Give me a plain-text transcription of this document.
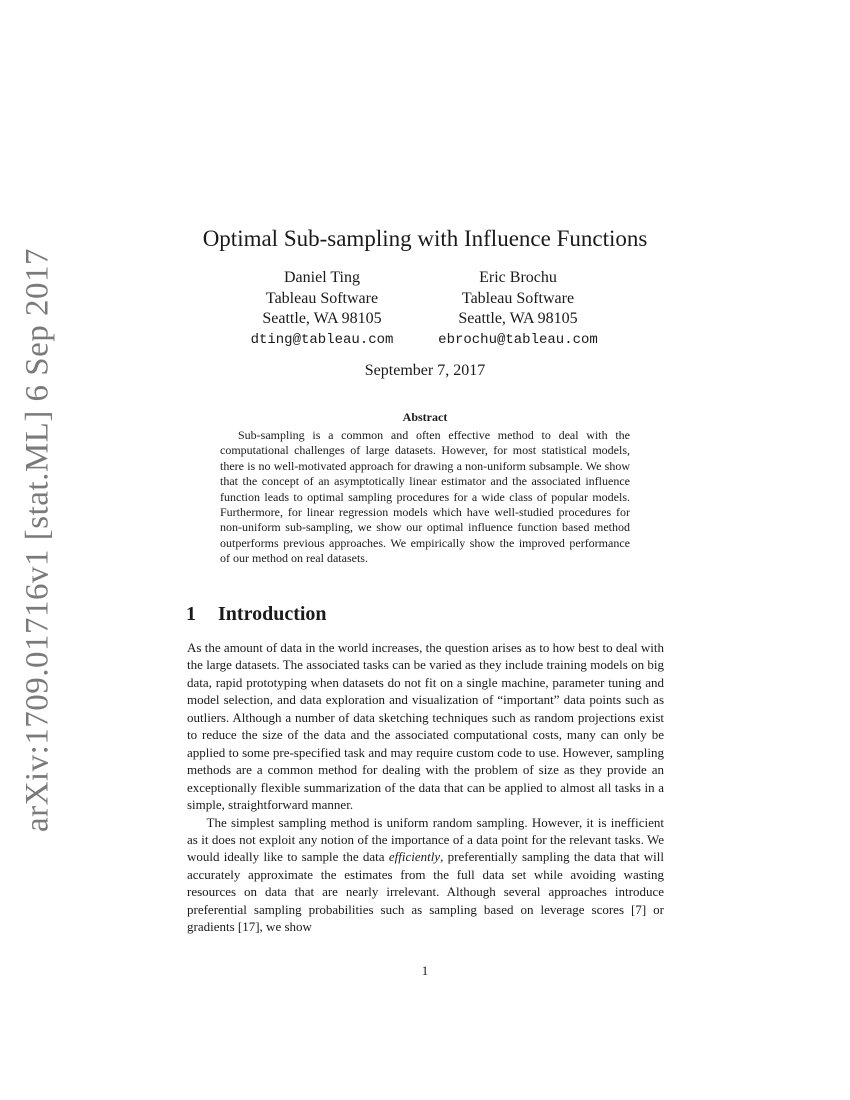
arXiv:1709.01716v1 [stat.ML] 6 Sep 2017
Optimal Sub-sampling with Influence Functions
Daniel Ting
Tableau Software
Seattle, WA 98105
dting@tableau.com
Eric Brochu
Tableau Software
Seattle, WA 98105
ebrochu@tableau.com
September 7, 2017
Abstract
Sub-sampling is a common and often effective method to deal with the computational challenges of large datasets. However, for most statistical models, there is no well-motivated approach for drawing a non-uniform subsample. We show that the concept of an asymptotically linear estimator and the associated influence function leads to optimal sampling procedures for a wide class of popular models. Furthermore, for linear regression models which have well-studied procedures for non-uniform sub-sampling, we show our optimal influence function based method outperforms previous approaches. We empirically show the improved performance of our method on real datasets.
1 Introduction

As the amount of data in the world increases, the question arises as to how best to deal with the large datasets. The associated tasks can be varied as they include training models on big data, rapid prototyping when datasets do not fit on a single machine, parameter tuning and model selection, and data exploration and visualization of “important” data points such as outliers. Although a number of data sketching techniques such as random projections exist to reduce the size of the data and the associated computational costs, many can only be applied to some pre-specified task and may require custom code to use. However, sampling methods are a common method for dealing with the problem of size as they provide an exceptionally flexible summarization of the data that can be applied to almost all tasks in a simple, straightforward manner.

The simplest sampling method is uniform random sampling. However, it is inefficient as it does not exploit any notion of the importance of a data point for the relevant tasks. We would ideally like to sample the data efficiently, preferentially sampling the data that will accurately approximate the estimates from the full data set while avoiding wasting resources on data that are nearly irrelevant. Although several approaches introduce preferential sampling probabilities such as sampling based on leverage scores [7] or gradients [17], we show

1
